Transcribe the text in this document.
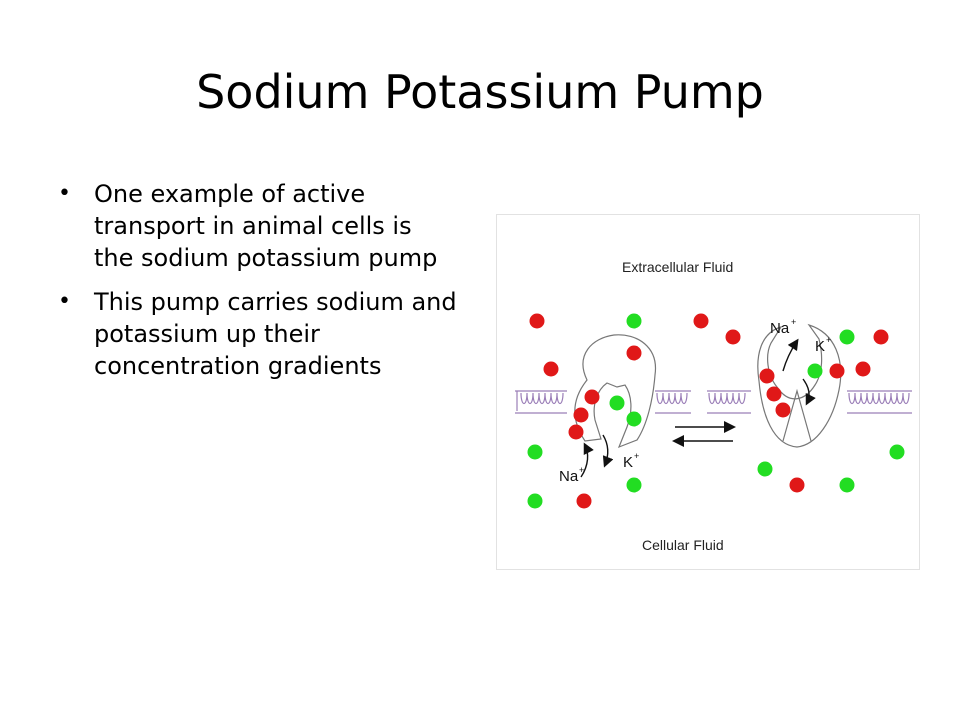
Sodium Potassium Pump
• One example of active transport in animal cells is the sodium potassium pump
• This pump carries sodium and potassium up their concentration gradients
Extracellular Fluid
Cellular Fluid
Na +
K +
Na +	K +
